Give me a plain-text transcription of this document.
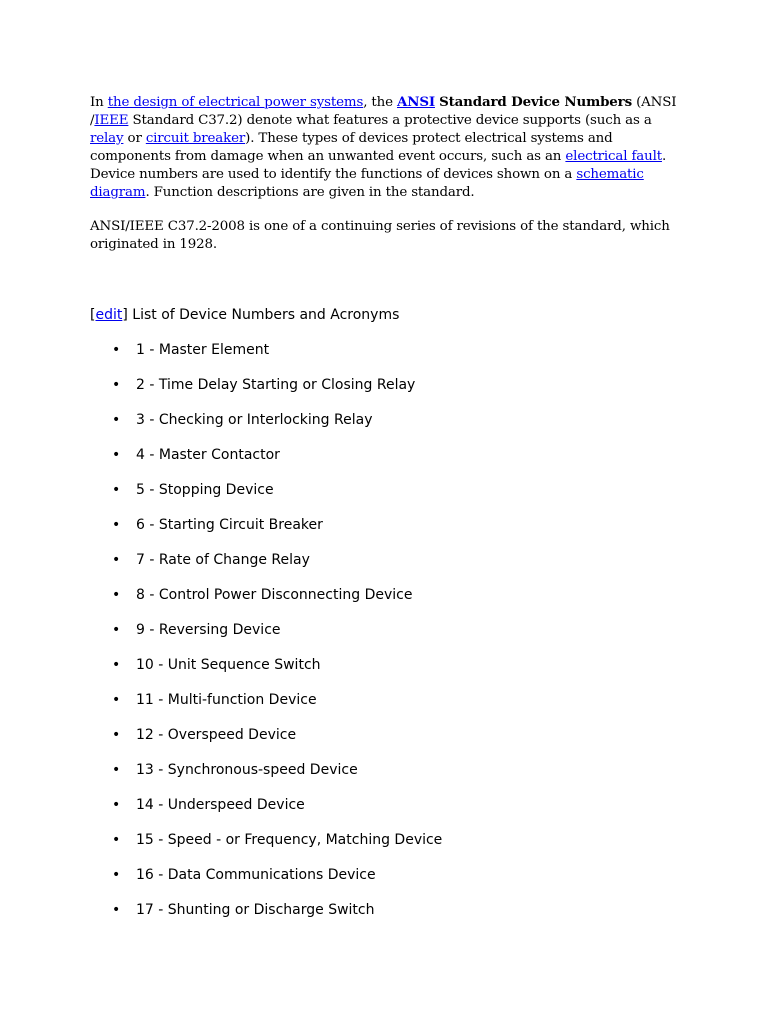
In the design of electrical power systems, the ANSI Standard Device Numbers (ANSI /IEEE Standard C37.2) denote what features a protective device supports (such as a relay or circuit breaker). These types of devices protect electrical systems and components from damage when an unwanted event occurs, such as an electrical fault. Device numbers are used to identify the functions of devices shown on a schematic diagram. Function descriptions are given in the standard.

ANSI/IEEE C37.2-2008 is one of a continuing series of revisions of the standard, which originated in 1928.

[edit] List of Device Numbers and Acronyms
• 1 - Master Element
• 2 - Time Delay Starting or Closing Relay
• 3 - Checking or Interlocking Relay
• 4 - Master Contactor
• 5 - Stopping Device
• 6 - Starting Circuit Breaker
• 7 - Rate of Change Relay
• 8 - Control Power Disconnecting Device
• 9 - Reversing Device
• 10 - Unit Sequence Switch
• 11 - Multi-function Device
• 12 - Overspeed Device
• 13 - Synchronous-speed Device
• 14 - Underspeed Device
• 15 - Speed - or Frequency, Matching Device
• 16 - Data Communications Device
• 17 - Shunting or Discharge Switch
